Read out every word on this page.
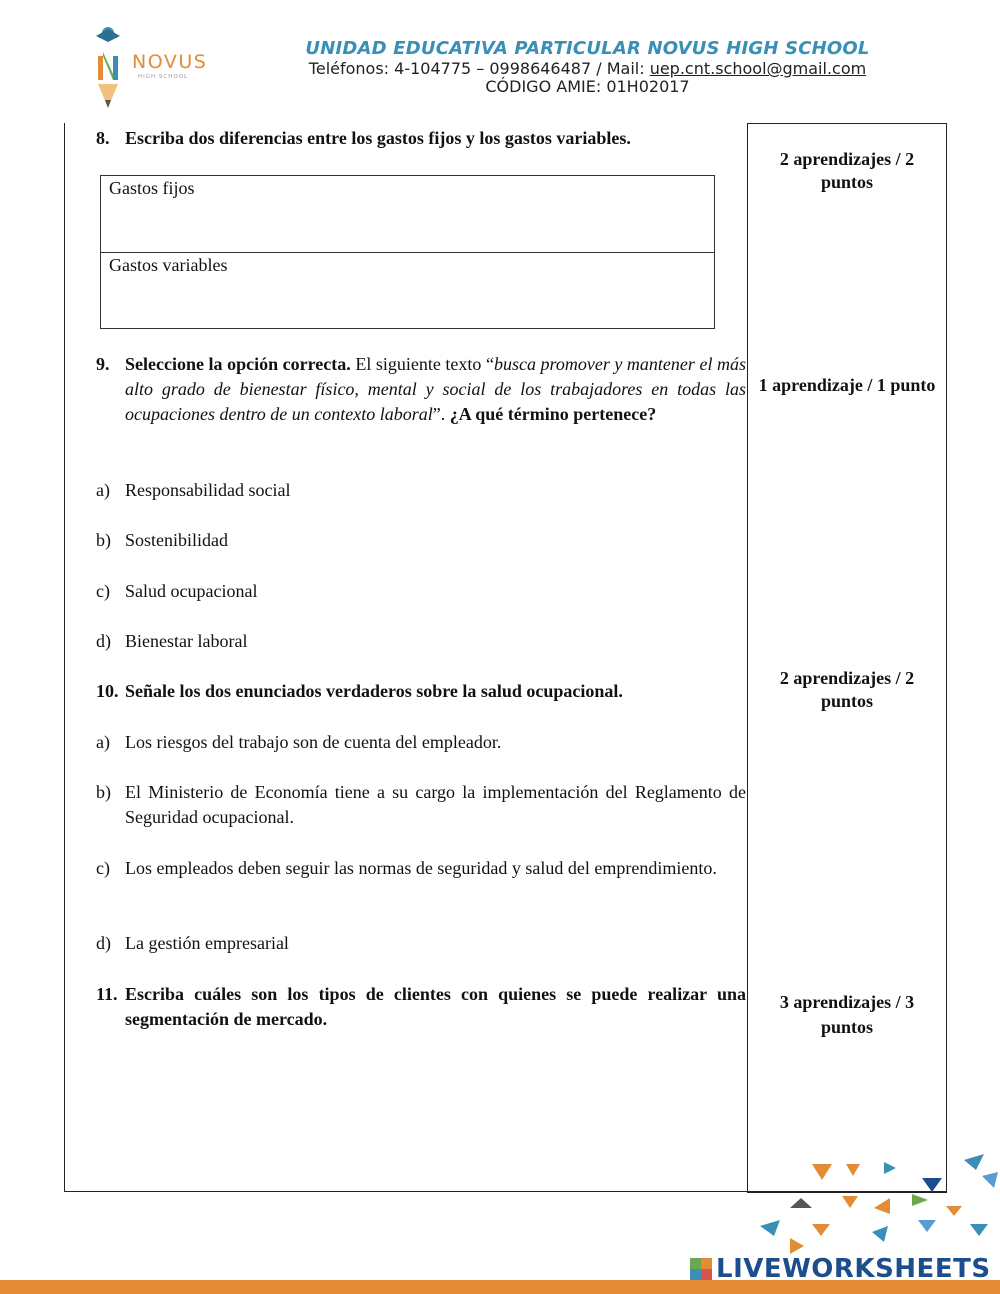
NOVUS
HIGH SCHOOL
UNIDAD EDUCATIVA PARTICULAR NOVUS HIGH SCHOOL
Teléfonos: 4-104775 – 0998646487 / Mail: uep.cnt.school@gmail.com
CÓDIGO AMIE: 01H02017
8. Escriba dos diferencias entre los gastos fijos y los gastos variables.
2 aprendizajes / 2
puntos
Gastos fijos
Gastos variables
9. Seleccione la opción correcta. El siguiente texto “busca promover y mantener el más alto grado de bienestar físico, mental y social de los trabajadores en todas las ocupaciones dentro de un contexto laboral”. ¿A qué término pertenece?
1 aprendizaje / 1 punto
a) Responsabilidad social
b) Sostenibilidad
c) Salud ocupacional
d) Bienestar laboral
10. Señale los dos enunciados verdaderos sobre la salud ocupacional.
2 aprendizajes / 2
puntos
a) Los riesgos del trabajo son de cuenta del empleador.
b) El Ministerio de Economía tiene a su cargo la implementación del Reglamento de Seguridad ocupacional.
c) Los empleados deben seguir las normas de seguridad y salud del emprendimiento.
d) La gestión empresarial
11. Escriba cuáles son los tipos de clientes con quienes se puede realizar una segmentación de mercado.
3 aprendizajes / 3
puntos
LIVEWORKSHEETS
